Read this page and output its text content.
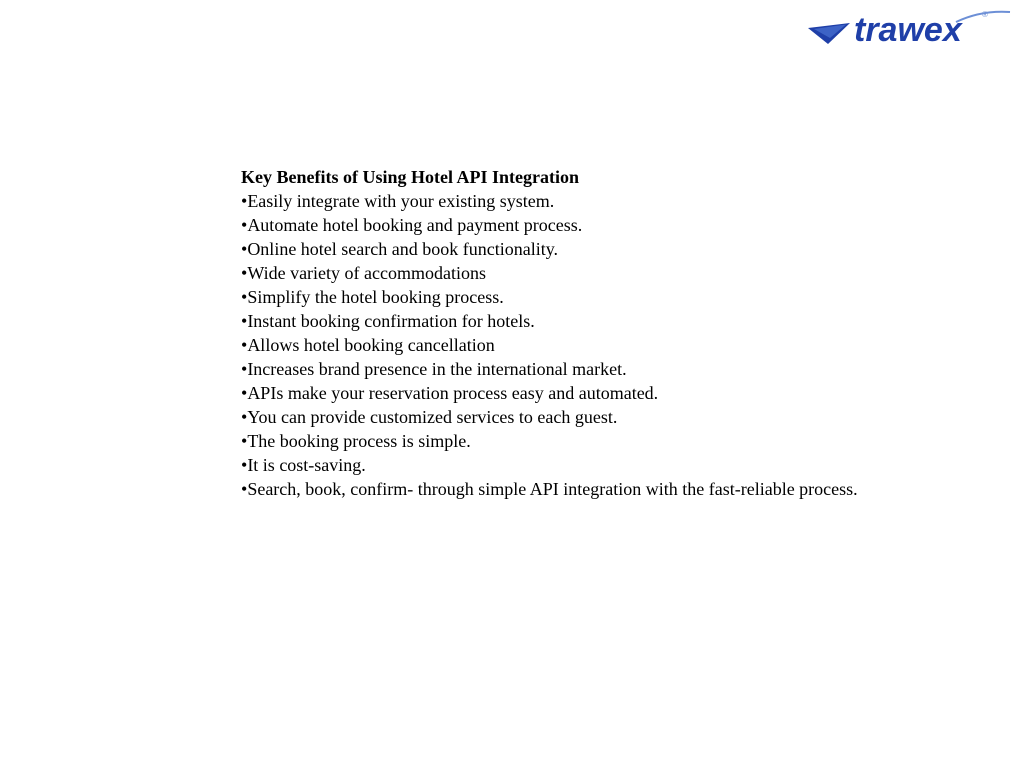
trawex	®

Key Benefits of Using Hotel API Integration

•Easily integrate with your existing system.
•Automate hotel booking and payment process.
•Online hotel search and book functionality.
•Wide variety of accommodations
•Simplify the hotel booking process.
•Instant booking confirmation for hotels.
•Allows hotel booking cancellation
•Increases brand presence in the international market.
•APIs make your reservation process easy and automated.
•You can provide customized services to each guest.
•The booking process is simple.
•It is cost-saving.
•Search, book, confirm- through simple API integration with the fast-reliable process.
